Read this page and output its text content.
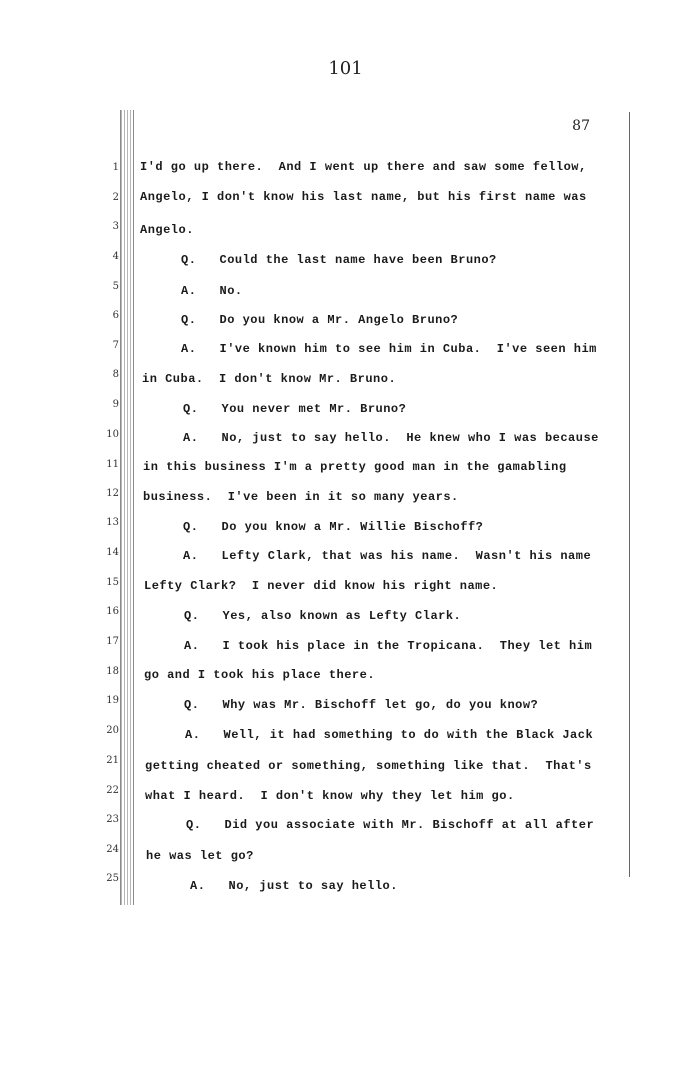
101
87
1
2
3
4
5
6
7
8
9
10
11
12
13
14
15
16
17
18
19
20
21
22
23
24
25
I'd go up there.  And I went up there and saw some fellow,
Angelo, I don't know his last name, but his first name was
Angelo.
Q.   Could the last name have been Bruno?
A.   No.
Q.   Do you know a Mr. Angelo Bruno?
A.   I've known him to see him in Cuba.  I've seen him
in Cuba.  I don't know Mr. Bruno.
Q.   You never met Mr. Bruno?
A.   No, just to say hello.  He knew who I was because
in this business I'm a pretty good man in the gamabling
business.  I've been in it so many years.
Q.   Do you know a Mr. Willie Bischoff?
A.   Lefty Clark, that was his name.  Wasn't his name
Lefty Clark?  I never did know his right name.
Q.   Yes, also known as Lefty Clark.
A.   I took his place in the Tropicana.  They let him
go and I took his place there.
Q.   Why was Mr. Bischoff let go, do you know?
A.   Well, it had something to do with the Black Jack
getting cheated or something, something like that.  That's
what I heard.  I don't know why they let him go.
Q.   Did you associate with Mr. Bischoff at all after
he was let go?
A.   No, just to say hello.
